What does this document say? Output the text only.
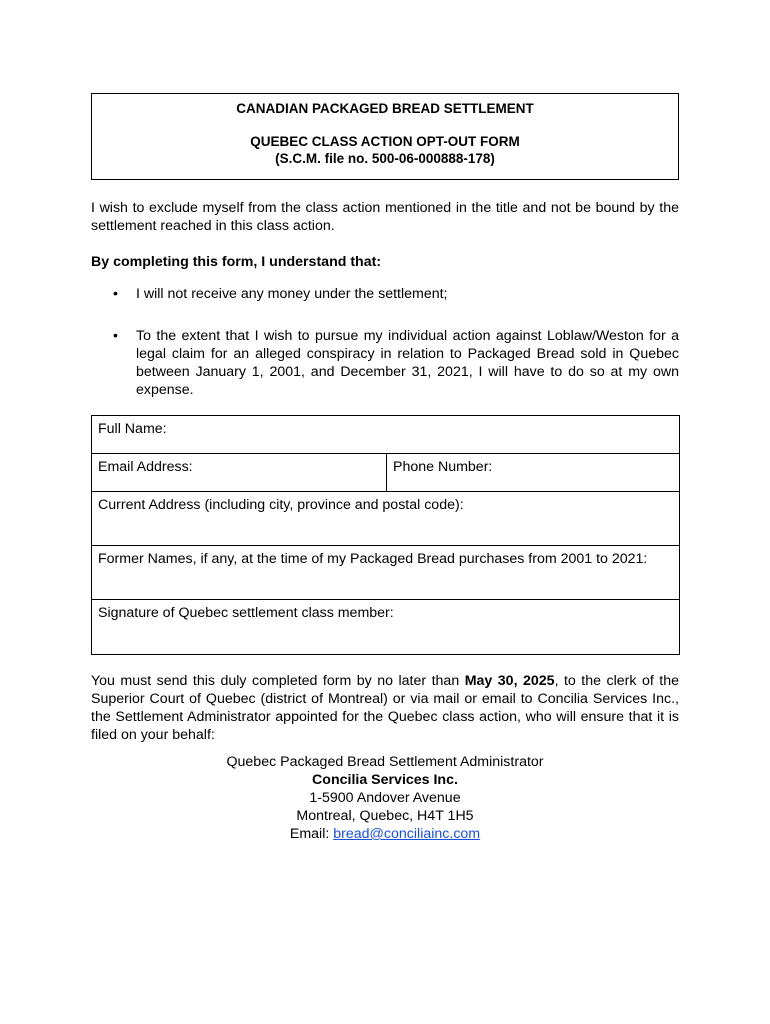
CANADIAN PACKAGED BREAD SETTLEMENT
QUEBEC CLASS ACTION OPT-OUT FORM
(S.C.M. file no. 500-06-000888-178)
I wish to exclude myself from the class action mentioned in the title and not be bound by the settlement reached in this class action.
By completing this form, I understand that:
• I will not receive any money under the settlement;
• To the extent that I wish to pursue my individual action against Loblaw/Weston for a legal claim for an alleged conspiracy in relation to Packaged Bread sold in Quebec between January 1, 2001, and December 31, 2021, I will have to do so at my own expense.
Full Name:
Email Address:	Phone Number:
Current Address (including city, province and postal code):
Former Names, if any, at the time of my Packaged Bread purchases from 2001 to 2021:
Signature of Quebec settlement class member:
You must send this duly completed form by no later than May 30, 2025, to the clerk of the Superior Court of Quebec (district of Montreal) or via mail or email to Concilia Services Inc., the Settlement Administrator appointed for the Quebec class action, who will ensure that it is filed on your behalf:
Quebec Packaged Bread Settlement Administrator
Concilia Services Inc.
1-5900 Andover Avenue
Montreal, Quebec, H4T 1H5
Email: bread@conciliainc.com
